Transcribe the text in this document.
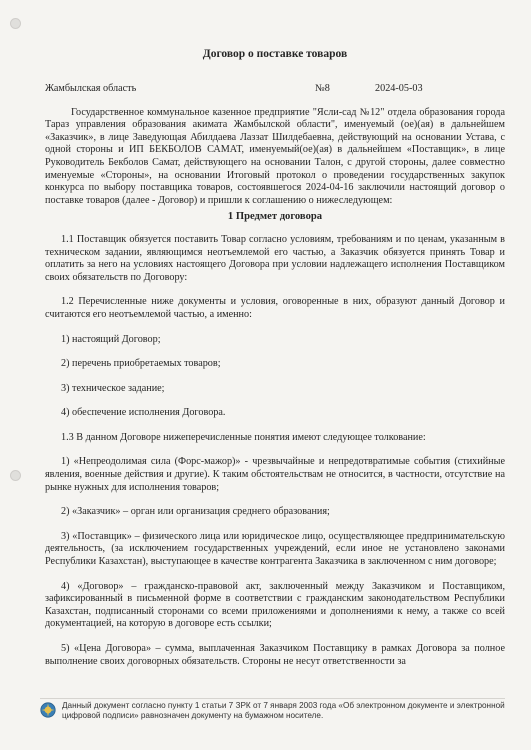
Договор о поставке товаров
Жамбылская область	№8	2024-05-03

Государственное коммунальное казенное предприятие "Ясли-сад №12" отдела образования города Тараз управления образования акимата Жамбылской области", именуемый (ое)(ая) в дальнейшем «Заказчик», в лице Заведующая Абилдаева Лаззат Шилдебаевна, действующий на основании Устава, с одной стороны и ИП БЕКБОЛОВ САМАТ, именуемый(ое)(ая) в дальнейшем «Поставщик», в лице Руководитель Бекболов Самат, действующего на основании Талон, с другой стороны, далее совместно именуемые «Стороны», на основании Итоговый протокол о проведении государственных закупок конкурса по выбору поставщика товаров, состоявшегося 2024-04-16 заключили настоящий договор о поставке товаров (далее - Договор) и пришли к соглашению о нижеследующем:

1 Предмет договора

1.1 Поставщик обязуется поставить Товар согласно условиям, требованиям и по ценам, указанным в техническом задании, являющимся неотъемлемой его частью, а Заказчик обязуется принять Товар и оплатить за него на условиях настоящего Договора при условии надлежащего исполнения Поставщиком своих обязательств по Договору:

1.2 Перечисленные ниже документы и условия, оговоренные в них, образуют данный Договор и считаются его неотъемлемой частью, а именно:

1) настоящий Договор;

2) перечень приобретаемых товаров;

3) техническое задание;

4) обеспечение исполнения Договора.

1.3 В данном Договоре нижеперечисленные понятия имеют следующее толкование:

1) «Непреодолимая сила (Форс-мажор)» - чрезвычайные и непредотвратимые события (стихийные явления, военные действия и другие). К таким обстоятельствам не относится, в частности, отсутствие на рынке нужных для исполнения товаров;

2) «Заказчик» – орган или организация среднего образования;

3) «Поставщик» – физического лица или юридическое лицо, осуществляющее предпринимательскую деятельность, (за исключением государственных учреждений, если иное не установлено законами Республики Казахстан), выступающее в качестве контрагента Заказчика в заключенном с ним договоре;

4) «Договор» – гражданско-правовой акт, заключенный между Заказчиком и Поставщиком, зафиксированный в письменной форме в соответствии с гражданским законодательством Республики Казахстан, подписанный сторонами со всеми приложениями и дополнениями к нему, а также со всей документацией, на которую в договоре есть ссылки;

5) «Цена Договора» – сумма, выплаченная Заказчиком Поставщику в рамках Договора за полное выполнение своих договорных обязательств. Стороны не несут ответственности за

Данный документ согласно пункту 1 статьи 7 ЗРК от 7 января 2003 года «Об электронном документе и электронной цифровой подписи» равнозначен документу на бумажном носителе.
